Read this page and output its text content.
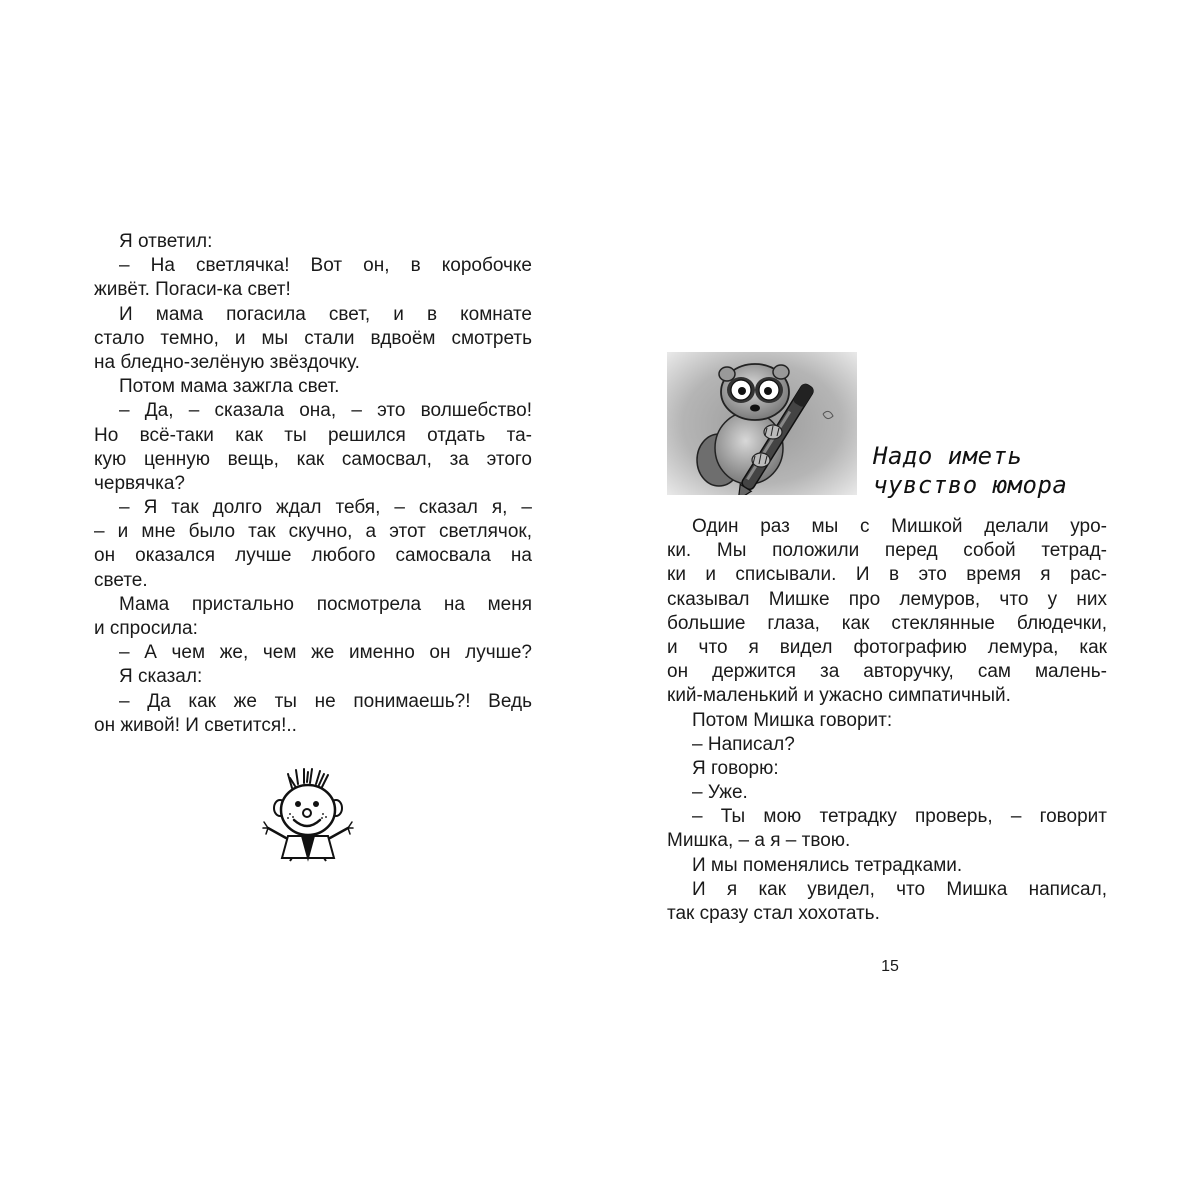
Я ответил:
– На светлячка! Вот он, в коробочке
живёт. Погаси-ка свет!
И мама погасила свет, и в комнате
стало темно, и мы стали вдвоём смотреть
на бледно-зелёную звёздочку.
Потом мама зажгла свет.
– Да, – сказала она, – это волшебство!
Но всё-таки как ты решился отдать та-
кую ценную вещь, как самосвал, за этого
червячка?
– Я так долго ждал тебя, – сказал я, –
– и мне было так скучно, а этот светлячок,
он оказался лучше любого самосвала на
свете.
Мама пристально посмотрела на меня
и спросила:
– А чем же, чем же именно он лучше?
Я сказал:
– Да как же ты не понимаешь?! Ведь
он живой! И светится!..
Надо иметь
чувство юмора
Один раз мы с Мишкой делали уро-
ки. Мы положили перед собой тетрад-
ки и списывали. И в это время я рас-
сказывал Мишке про лемуров, что у них
большие глаза, как стеклянные блюдечки,
и что я видел фотографию лемура, как
он держится за авторучку, сам малень-
кий-маленький и ужасно симпатичный.
Потом Мишка говорит:
– Написал?
Я говорю:
– Уже.
– Ты мою тетрадку проверь, – говорит
Мишка, – а я – твою.
И мы поменялись тетрадками.
И я как увидел, что Мишка написал,
так сразу стал хохотать.
15
